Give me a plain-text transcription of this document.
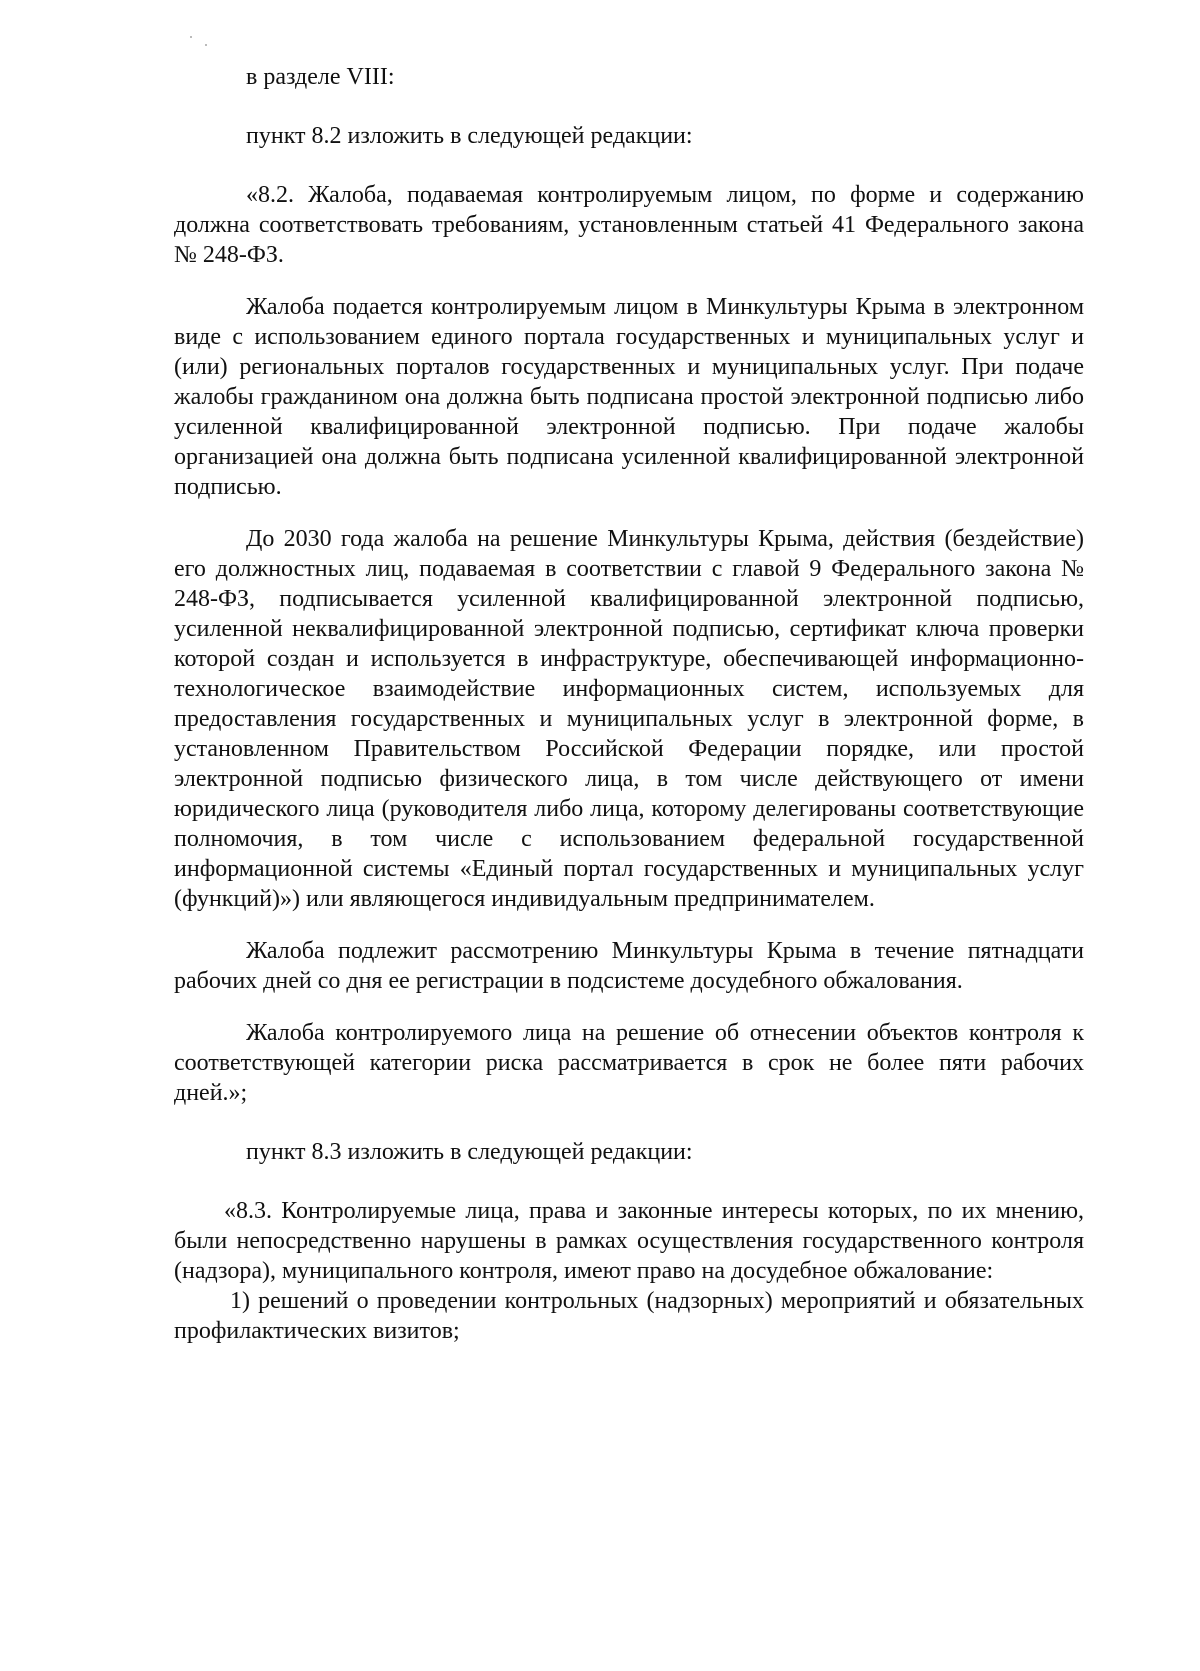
в разделе VIII:

пункт 8.2 изложить в следующей редакции:

«8.2. Жалоба, подаваемая контролируемым лицом, по форме и содержанию должна соответствовать требованиям, установленным статьей 41 Федерального закона № 248-ФЗ.

Жалоба подается контролируемым лицом в Минкультуры Крыма в электронном виде с использованием единого портала государственных и муниципальных услуг и (или) региональных порталов государственных и муниципальных услуг. При подаче жалобы гражданином она должна быть подписана простой электронной подписью либо усиленной квалифицированной электронной подписью. При подаче жалобы организацией она должна быть подписана усиленной квалифицированной электронной подписью.

До 2030 года жалоба на решение Минкультуры Крыма, действия (бездействие) его должностных лиц, подаваемая в соответствии с главой 9 Федерального закона № 248-ФЗ, подписывается усиленной квалифицированной электронной подписью, усиленной неквалифицированной электронной подписью, сертификат ключа проверки которой создан и используется в инфраструктуре, обеспечивающей информационно-технологическое взаимодействие информационных систем, используемых для предоставления государственных и муниципальных услуг в электронной форме, в установленном Правительством Российской Федерации порядке, или простой электронной подписью физического лица, в том числе действующего от имени юридического лица (руководителя либо лица, которому делегированы соответствующие полномочия, в том числе с использованием федеральной государственной информационной системы «Единый портал государственных и муниципальных услуг (функций)») или являющегося индивидуальным предпринимателем.

Жалоба подлежит рассмотрению Минкультуры Крыма в течение пятнадцати рабочих дней со дня ее регистрации в подсистеме досудебного обжалования.

Жалоба контролируемого лица на решение об отнесении объектов контроля к соответствующей категории риска рассматривается в срок не более пяти рабочих дней.»;

пункт 8.3 изложить в следующей редакции:

«8.3. Контролируемые лица, права и законные интересы которых, по их мнению, были непосредственно нарушены в рамках осуществления государственного контроля (надзора), муниципального контроля, имеют право на досудебное обжалование:

1) решений о проведении контрольных (надзорных) мероприятий и обязательных профилактических визитов;
